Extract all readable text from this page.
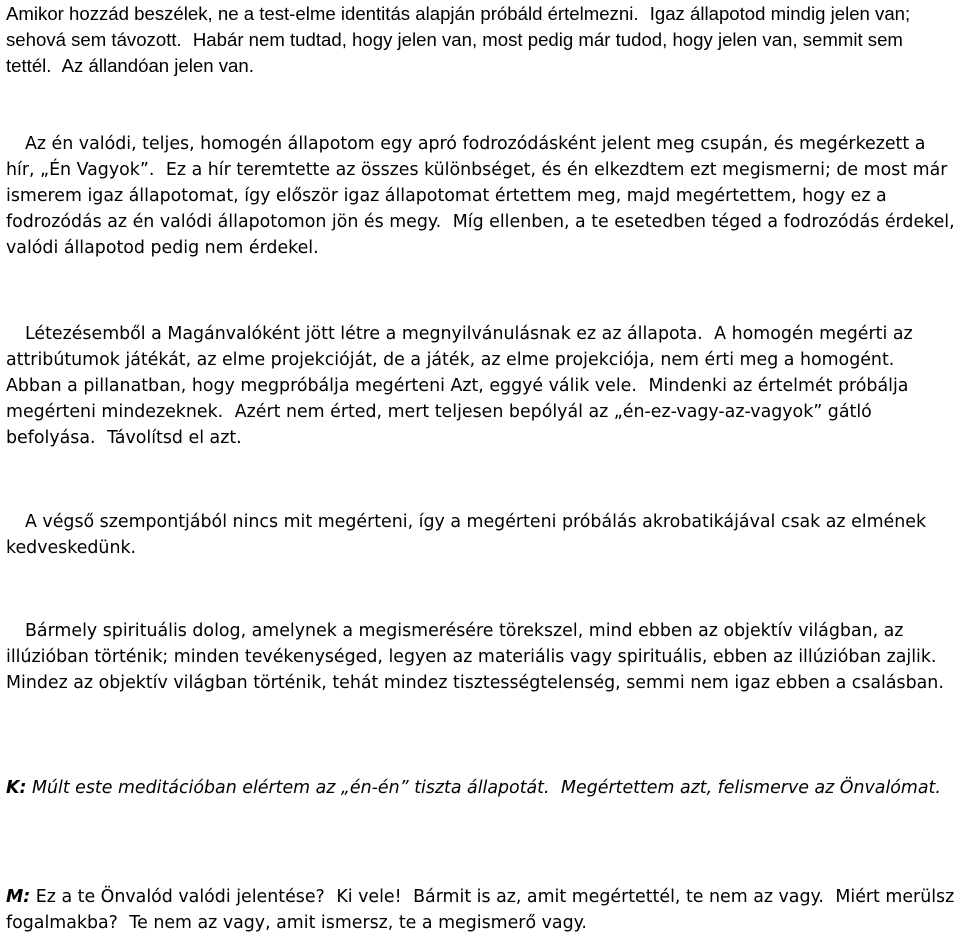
Amikor hozzád beszélek, ne a test-elme identitás alapján próbáld értelmezni. Igaz állapotod mindig jelen van; sehová sem távozott. Habár nem tudtad, hogy jelen van, most pedig már tudod, hogy jelen van, semmit sem tettél. Az állandóan jelen van.

Az én valódi, teljes, homogén állapotom egy apró fodrozódásként jelent meg csupán, és megérkezett a hír, „Én Vagyok”. Ez a hír teremtette az összes különbséget, és én elkezdtem ezt megismerni; de most már ismerem igaz állapotomat, így először igaz állapotomat értettem meg, majd megértettem, hogy ez a fodrozódás az én valódi állapotomon jön és megy. Míg ellenben, a te esetedben téged a fodrozódás érdekel, valódi állapotod pedig nem érdekel.

Létezésemből a Magánvalóként jött létre a megnyilvánulásnak ez az állapota. A homogén megérti az attribútumok játékát, az elme projekcióját, de a játék, az elme projekciója, nem érti meg a homogént. Abban a pillanatban, hogy megpróbálja megérteni Azt, eggyé válik vele. Mindenki az értelmét próbálja megérteni mindezeknek. Azért nem érted, mert teljesen bepólyál az „én-ez-vagy-az-vagyok” gátló befolyása. Távolítsd el azt.

A végső szempontjából nincs mit megérteni, így a megérteni próbálás akrobatikájával csak az elmének kedveskedünk.

Bármely spirituális dolog, amelynek a megismerésére törekszel, mind ebben az objektív világban, az illúzióban történik; minden tevékenységed, legyen az materiális vagy spirituális, ebben az illúzióban zajlik. Mindez az objektív világban történik, tehát mindez tisztességtelenség, semmi nem igaz ebben a csalásban.

K: Múlt este meditációban elértem az „én-én” tiszta állapotát. Megértettem azt, felismerve az Önvalómat.

M: Ez a te Önvalód valódi jelentése? Ki vele! Bármit is az, amit megértettél, te nem az vagy. Miért merülsz fogalmakba? Te nem az vagy, amit ismersz, te a megismerő vagy.
